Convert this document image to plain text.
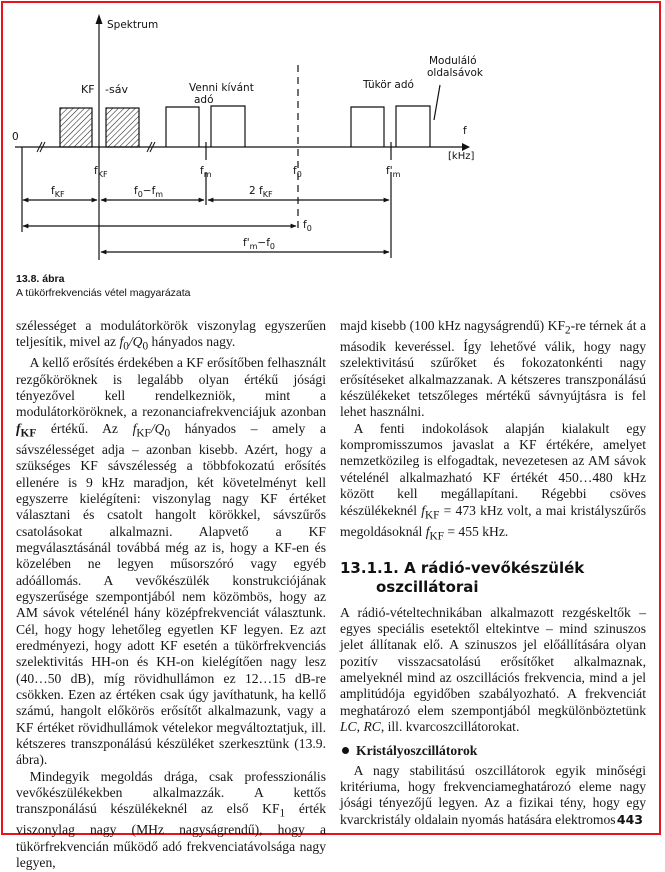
Spektrum
0	f
[kHz]
KF -sáv	Venni kívánt
adó
Tükör adó
Moduláló
oldalsávok
$f_{KF}$	$f_m$	$f_0$	$f'_m$
$f_{KF}$	$f_0-f_m$	2 $f_{KF}$
$f_0$
$f'_m-f_0$
13.8. ábra
A tükörfrekvenciás vétel magyarázata

szélességet a modulátorkörök viszonylag egyszerűen teljesítik, mivel az $f_0/Q_0$ hányados nagy.

A kellő erősítés érdekében a KF erősítőben felhasznált rezgőköröknek is legalább olyan értékű jósági tényezővel kell rendelkezniök, mint a modulátorköröknek, a rezonanciafrekvenciájuk azonban $f_{KF}$ értékű. Az $f_{KF}/Q_0$ hányados – amely a sávszélességet adja – azonban kisebb. Azért, hogy a szükséges KF sávszélesség a többfokozatú erősítés ellenére is 9 kHz maradjon, két követelményt kell egyszerre kielégíteni: viszonylag nagy KF értéket választani és csatolt hangolt körökkel, sávszűrős csatolásokat alkalmazni. Alapvető a KF megválasztásánál továbbá még az is, hogy a KF-en és közelében ne legyen műsorszóró vagy egyéb adóállomás. A vevőkészülék konstrukciójának egyszerűsége szempontjából nem közömbös, hogy az AM sávok vételénél hány középfrekvenciát választunk. Cél, hogy hogy lehetőleg egyetlen KF legyen. Ez azt eredményezi, hogy adott KF esetén a tükörfrekvenciás szelektivitás HH-on és KH-on kielégítően nagy lesz (40…50 dB), míg rövidhullámon ez 12…15 dB-re csökken. Ezen az értéken csak úgy javíthatunk, ha kellő számú, hangolt előkörös erősítőt alkalmazunk, vagy a KF értéket rövidhullámok vételekor megváltoztatjuk, ill. kétszeres transzponálású készüléket szerkesztünk (13.9. ábra).

Mindegyik megoldás drága, csak professzionális vevőkészülékekben alkalmazzák. A kettős transzponálású készülékeknél az első $KF_1$ érték viszonylag nagy (MHz nagyságrendű), hogy a tükörfrekvencián működő adó frekvenciatávolsága nagy legyen,

majd kisebb (100 kHz nagyságrendű) $KF_2-re$ térnek át a második keveréssel. Így lehetővé válik, hogy nagy szelektivitású szűrőket és fokozatonkénti nagy erősítéseket alkalmazzanak. A kétszeres transzponálású készülékeket tetszőleges mértékű sávnyújtásra is fel lehet használni.

A fenti indokolások alapján kialakult egy kompromisszumos javaslat a KF értékére, amelyet nemzetközileg is elfogadtak, nevezetesen az AM sávok vételénél alkalmazható KF értékét 450…480 kHz között kell megállapítani. Régebbi csöves készülékeknél $f_{KF} = 473$ kHz volt, a mai kristályszűrős megoldásoknál $f_{KF} = 455$ kHz.

13.1.1. A rádió-vevőkészülék oszcillátorai

A rádió-vételtechnikában alkalmazott rezgéskeltők – egyes speciális esetektől eltekintve – mind szinuszos jelet állítanak elő. A szinuszos jel előállítására olyan pozitív visszacsatolású erősítőket alkalmaznak, amelyeknél mind az oszcillációs frekvencia, mind a jel amplitúdója egyidőben szabályozható. A frekvenciát meghatározó elem szempontjából megkülönböztetünk LC, RC, ill. kvarcoszcillátorokat.

Kristályoszcillátorok

A nagy stabilitású oszcillátorok egyik minőségi kritériuma, hogy frekvenciameghatározó eleme nagy jósági tényezőjű legyen. Az a fizikai tény, hogy egy kvarckristály oldalain nyomás hatására elektromos 443
